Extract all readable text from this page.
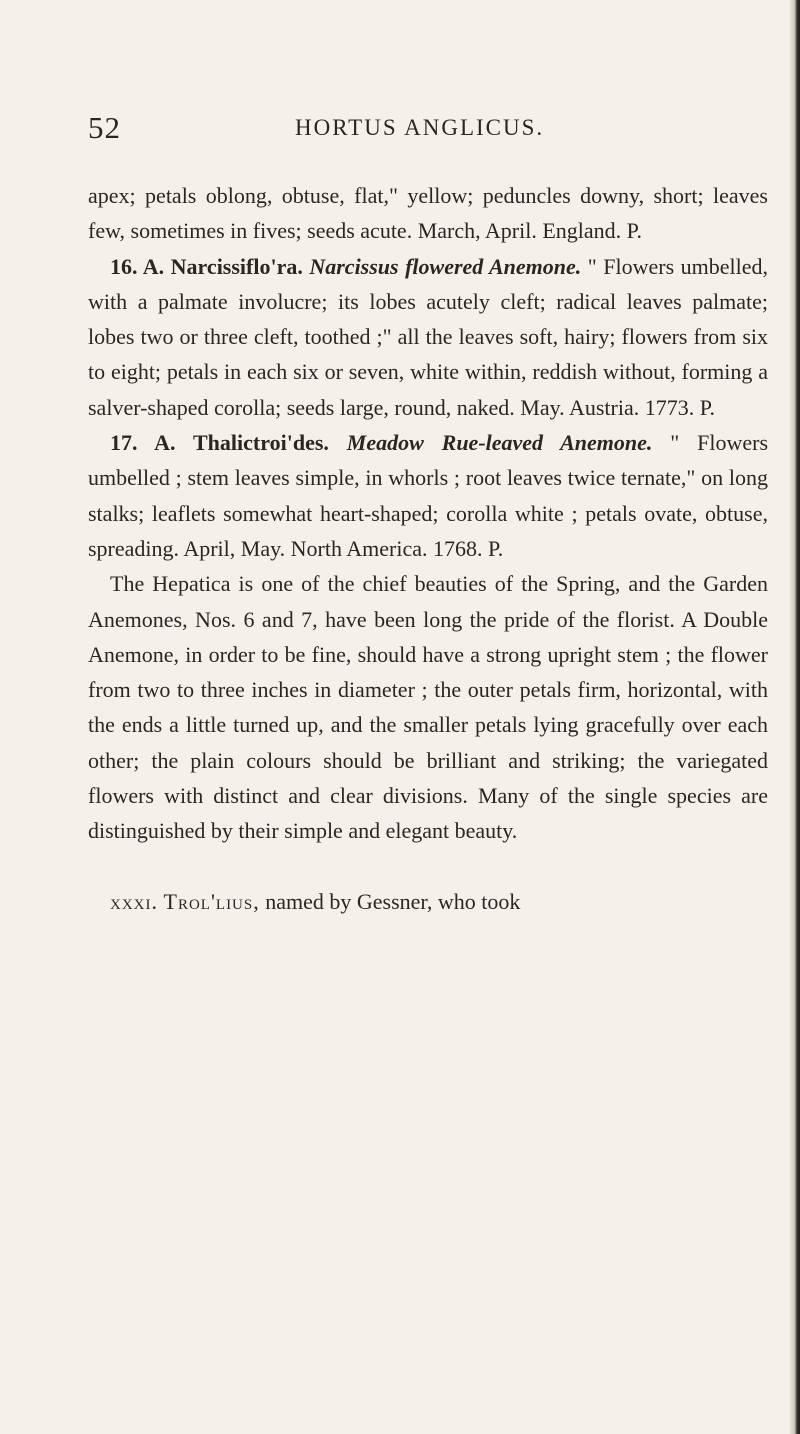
52	HORTUS ANGLICUS.

apex; petals oblong, obtuse, flat," yellow; peduncles downy, short; leaves few, sometimes in fives; seeds acute. March, April. England. P.

16. A. Narcissiflo'ra. Narcissus flowered Anemone. " Flowers umbelled, with a palmate involucre; its lobes acutely cleft; radical leaves palmate; lobes two or three cleft, toothed ;" all the leaves soft, hairy; flowers from six to eight; petals in each six or seven, white within, reddish without, forming a salver-shaped corolla; seeds large, round, naked. May. Austria. 1773. P.

17. A. Thalictroi'des. Meadow Rue-leaved Anemone. " Flowers umbelled ; stem leaves simple, in whorls ; root leaves twice ternate," on long stalks; leaflets somewhat heart-shaped; corolla white ; petals ovate, obtuse, spreading. April, May. North America. 1768. P.

The Hepatica is one of the chief beauties of the Spring, and the Garden Anemones, Nos. 6 and 7, have been long the pride of the florist. A Double Anemone, in order to be fine, should have a strong upright stem ; the flower from two to three inches in diameter ; the outer petals firm, horizontal, with the ends a little turned up, and the smaller petals lying gracefully over each other; the plain colours should be brilliant and striking; the variegated flowers with distinct and clear divisions. Many of the single species are distinguished by their simple and elegant beauty.

xxxi. Trol'lius, named by Gessner, who took
